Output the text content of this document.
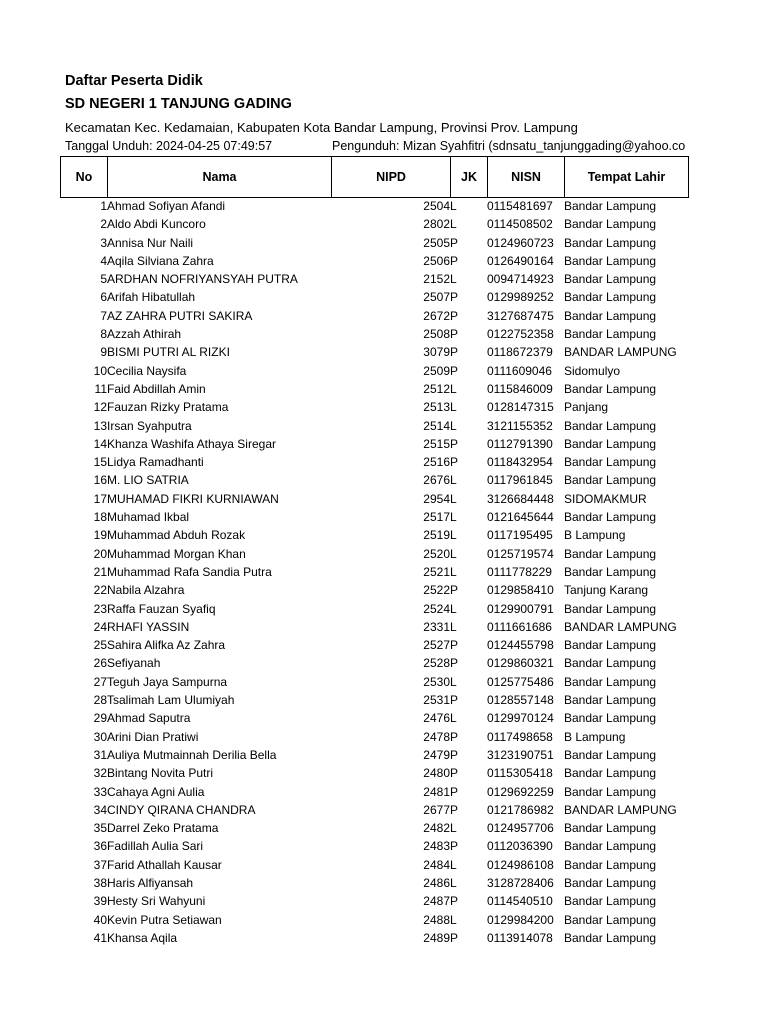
Daftar Peserta Didik
SD NEGERI 1 TANJUNG GADING

Kecamatan Kec. Kedamaian, Kabupaten Kota Bandar Lampung, Provinsi Prov. Lampung

Tanggal Unduh: 2024-04-25 07:49:57	Pengunduh: Mizan Syahfitri (sdnsatu_tanjunggading@yahoo.co
No	Nama	NIPD	JK	NISN	Tempat Lahir
1	Ahmad Sofiyan Afandi	2504	L	0115481697	Bandar Lampung
2	Aldo Abdi Kuncoro	2802	L	0114508502	Bandar Lampung
3	Annisa Nur Naili	2505	P	0124960723	Bandar Lampung
4	Aqila Silviana Zahra	2506	P	0126490164	Bandar Lampung
5	ARDHAN NOFRIYANSYAH PUTRA	2152	L	0094714923	Bandar Lampung
6	Arifah Hibatullah	2507	P	0129989252	Bandar Lampung
7	AZ ZAHRA PUTRI SAKIRA	2672	P	3127687475	Bandar Lampung
8	Azzah Athirah	2508	P	0122752358	Bandar Lampung
9	BISMI PUTRI AL RIZKI	3079	P	0118672379	BANDAR LAMPUNG
10	Cecilia Naysifa	2509	P	0111609046	Sidomulyo
11	Faid Abdillah Amin	2512	L	0115846009	Bandar Lampung
12	Fauzan Rizky Pratama	2513	L	0128147315	Panjang
13	Irsan Syahputra	2514	L	3121155352	Bandar Lampung
14	Khanza Washifa Athaya Siregar	2515	P	0112791390	Bandar Lampung
15	Lidya Ramadhanti	2516	P	0118432954	Bandar Lampung
16	M. LIO SATRIA	2676	L	0117961845	Bandar Lampung
17	MUHAMAD FIKRI KURNIAWAN	2954	L	3126684448	SIDOMAKMUR
18	Muhamad Ikbal	2517	L	0121645644	Bandar Lampung
19	Muhammad Abduh Rozak	2519	L	0117195495	B Lampung
20	Muhammad Morgan Khan	2520	L	0125719574	Bandar Lampung
21	Muhammad Rafa Sandia Putra	2521	L	0111778229	Bandar Lampung
22	Nabila Alzahra	2522	P	0129858410	Tanjung Karang
23	Raffa Fauzan Syafiq	2524	L	0129900791	Bandar Lampung
24	RHAFI YASSIN	2331	L	0111661686	BANDAR LAMPUNG
25	Sahira Alifka Az Zahra	2527	P	0124455798	Bandar Lampung
26	Sefiyanah	2528	P	0129860321	Bandar Lampung
27	Teguh Jaya Sampurna	2530	L	0125775486	Bandar Lampung
28	Tsalimah Lam Ulumiyah	2531	P	0128557148	Bandar Lampung
29	Ahmad Saputra	2476	L	0129970124	Bandar Lampung
30	Arini Dian Pratiwi	2478	P	0117498658	B Lampung
31	Auliya Mutmainnah Derilia Bella	2479	P	3123190751	Bandar Lampung
32	Bintang Novita Putri	2480	P	0115305418	Bandar Lampung
33	Cahaya Agni Aulia	2481	P	0129692259	Bandar Lampung
34	CINDY QIRANA CHANDRA	2677	P	0121786982	BANDAR LAMPUNG
35	Darrel Zeko Pratama	2482	L	0124957706	Bandar Lampung
36	Fadillah Aulia Sari	2483	P	0112036390	Bandar Lampung
37	Farid Athallah Kausar	2484	L	0124986108	Bandar Lampung
38	Haris Alfiyansah	2486	L	3128728406	Bandar Lampung
39	Hesty Sri Wahyuni	2487	P	0114540510	Bandar Lampung
40	Kevin Putra Setiawan	2488	L	0129984200	Bandar Lampung
41	Khansa Aqila	2489	P	0113914078	Bandar Lampung
